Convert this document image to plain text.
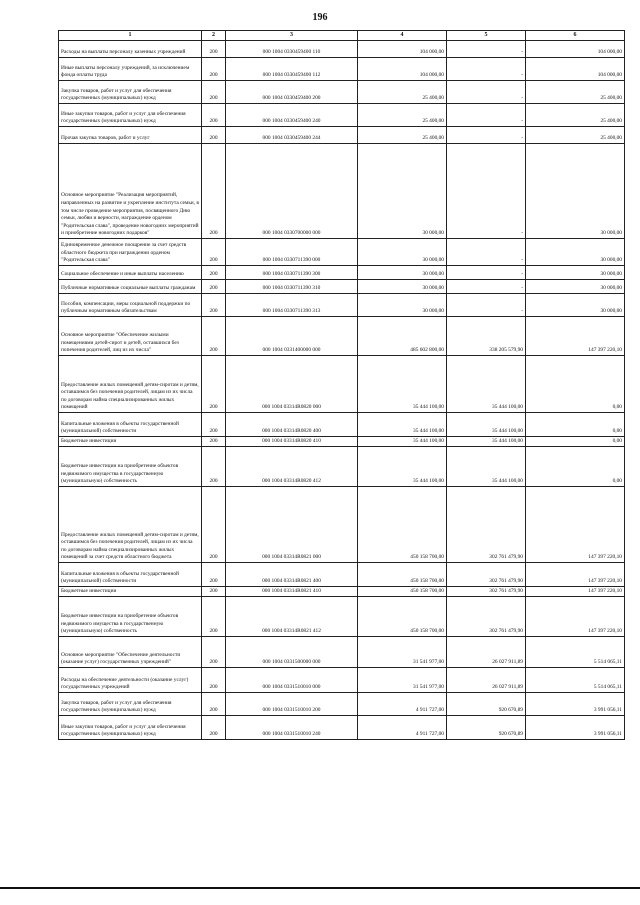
196
1	2	3	4	5	6
Расходы на выплаты персоналу казенных учреждений	200	000 1004 0330459400 110	104 000,00	-	104 000,00
Иные выплаты персоналу учреждений, за исключением фонда оплаты труда	200	000 1004 0330459400 112	104 000,00	-	104 000,00
Закупка товаров, работ и услуг для обеспечения государственных (муниципальных) нужд	200	000 1004 0330459400 200	25 400,00	-	25 400,00
Иные закупки товаров, работ и услуг для обеспечения государственных (муниципальных) нужд	200	000 1004 0330459400 240	25 400,00	-	25 400,00
Прочая закупка товаров, работ и услуг	200	000 1004 0330459400 244	25 400,00	-	25 400,00
Основное мероприятие "Реализация мероприятий, направленных на развитие и укрепление института семьи, в том числе проведение мероприятия, посвященного Дню семьи, любви и верности, награждение орденом "Родительская слава", проведение новогодних мероприятий и приобретение новогодних подарков"	200	000 1004 0330700000 000	30 000,00	-	30 000,00
Единовременное денежное поощрение за счет средств областного бюджета при награждении орденом "Родительская слава"	200	000 1004 0330711390 000	30 000,00	-	30 000,00
Социальное обеспечение и иные выплаты населению	200	000 1004 0330711390 300	30 000,00	-	30 000,00
Публичные нормативные социальные выплаты гражданам	200	000 1004 0330711390 310	30 000,00	-	30 000,00
Пособия, компенсации, меры социальной поддержки по публичным нормативным обязательствам	200	000 1004 0330711390 313	30 000,00	-	30 000,00
Основное мероприятие "Обеспечение жилыми помещениями детей-сирот и детей, оставшихся без попечения родителей, лиц из их числа"	200	000 1004 0331400000 000	485 602 800,00	338 205 579,90	147 397 220,10
Предоставление жилых помещений детям-сиротам и детям, оставшимся без попечения родителей, лицам из их числа по договорам найма специализированных жилых помещений	200	000 1004 03314R0820 000	35 444 100,00	35 444 100,00	0,00
Капитальные вложения в объекты государственной (муниципальной) собственности	200	000 1004 03314R0820 400	35 444 100,00	35 444 100,00	0,00
Бюджетные инвестиции	200	000 1004 03314R0820 410	35 444 100,00	35 444 100,00	0,00
Бюджетные инвестиции на приобретение объектов недвижимого имущества в государственную (муниципальную) собственность	200	000 1004 03314R0820 412	35 444 100,00	35 444 100,00	0,00
Предоставление жилых помещений детям-сиротам и детям, оставшимся без попечения родителей, лицам из их числа по договорам найма специализированных жилых помещений за счет средств областного бюджета	200	000 1004 03314R0821 000	450 158 700,00	302 761 479,90	147 397 220,10
Капитальные вложения в объекты государственной (муниципальной) собственности	200	000 1004 03314R0821 400	450 158 700,00	302 761 479,90	147 397 220,10
Бюджетные инвестиции	200	000 1004 03314R0821 410	450 158 700,00	302 761 479,90	147 397 220,10
Бюджетные инвестиции на приобретение объектов недвижимого имущества в государственную (муниципальную) собственность	200	000 1004 03314R0821 412	450 158 700,00	302 761 479,90	147 397 220,10
Основное мероприятие "Обеспечение деятельности (оказание услуг) государственных учреждений"	200	000 1004 0331500000 000	31 541 977,00	26 027 911,89	5 514 065,11
Расходы на обеспечение деятельности (оказание услуг) государственных учреждений	200	000 1004 0331510010 000	31 541 977,00	26 027 911,89	5 514 065,11
Закупка товаров, работ и услуг для обеспечения государственных (муниципальных) нужд	200	000 1004 0331510010 200	4 911 727,00	920 670,89	3 991 056,11
Иные закупки товаров, работ и услуг для обеспечения государственных (муниципальных) нужд	200	000 1004 0331510010 240	4 911 727,00	920 670,89	3 991 056,11
